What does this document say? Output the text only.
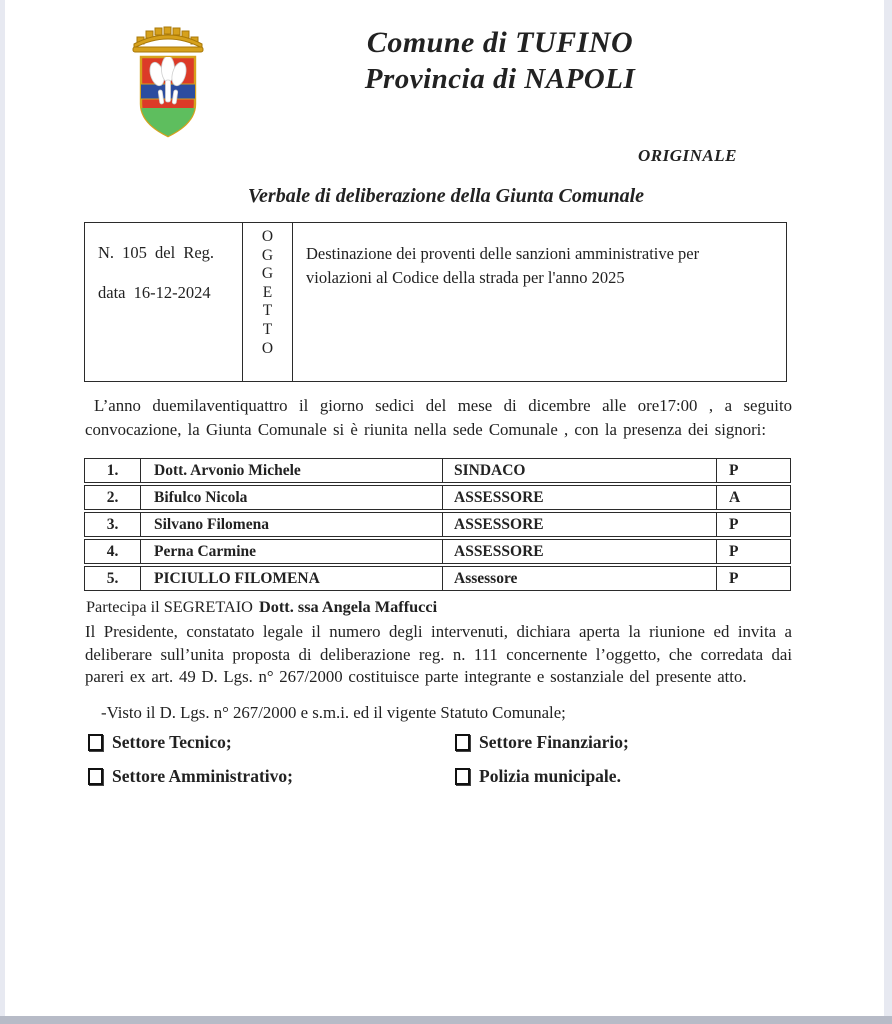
Comune di TUFINO
Provincia di NAPOLI
ORIGINALE
Verbale di deliberazione della Giunta Comunale
N. 105 del Reg.
data 16-12-2024
O
G
G
E
T
T
O
Destinazione dei proventi delle sanzioni amministrative per violazioni al Codice della strada per l'anno 2025
L’anno duemilaventiquattro il giorno sedici del mese di dicembre alle ore17:00 , a seguito convocazione, la Giunta Comunale si è riunita nella sede Comunale , con la presenza dei signori:
1.	Dott. Arvonio Michele	SINDACO	P
2.	Bifulco Nicola	ASSESSORE	A
3.	Silvano Filomena	ASSESSORE	P
4.	Perna Carmine	ASSESSORE	P
5.	PICIULLO FILOMENA	Assessore	P
Partecipa il SEGRETAIO Dott. ssa Angela Maffucci
Il Presidente, constatato legale il numero degli intervenuti, dichiara aperta la riunione ed invita a deliberare sull’unita proposta di deliberazione reg. n. 111 concernente l’oggetto, che corredata dai pareri ex art. 49 D. Lgs. n° 267/2000 costituisce parte integrante e sostanziale del presente atto.
-Visto il D. Lgs. n° 267/2000 e s.m.i. ed il vigente Statuto Comunale;
Settore Tecnico;	Settore Finanziario;
Settore Amministrativo;	Polizia municipale.
